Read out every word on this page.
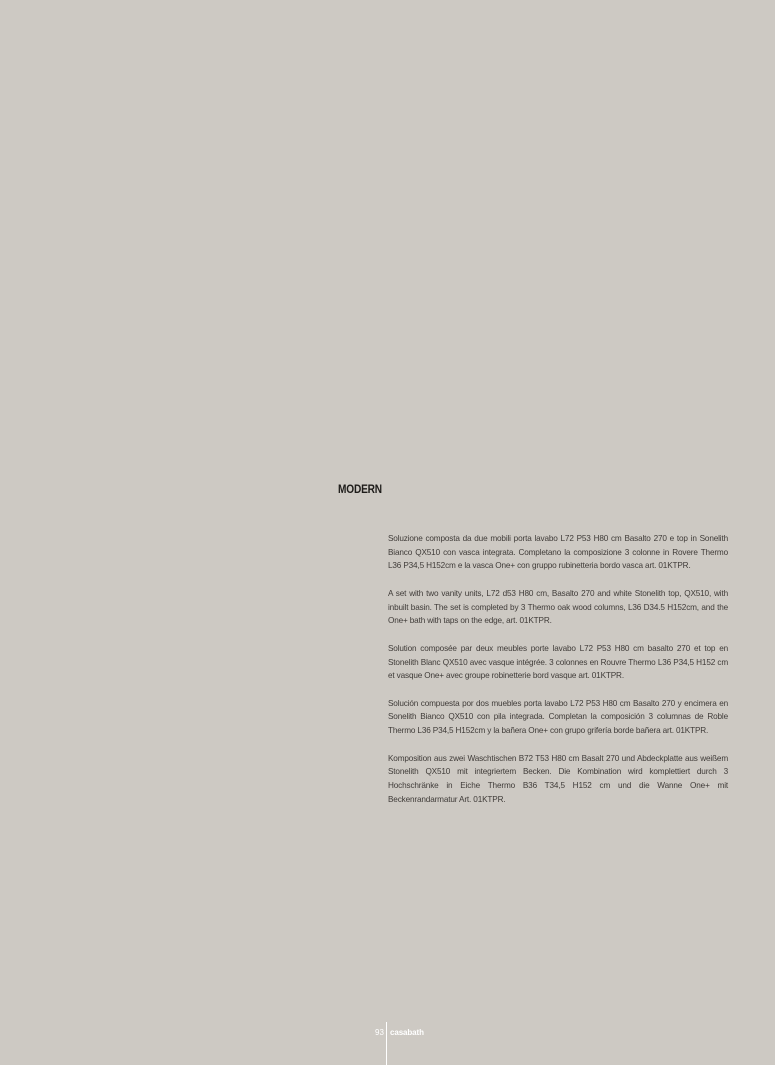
MODERN

Soluzione composta da due mobili porta lavabo L72 P53 H80 cm Basalto 270 e top in Sonelith Bianco QX510 con vasca integrata. Completano la composizione 3 colonne in Rovere Thermo L36 P34,5 H152cm e la vasca One+ con gruppo rubinetteria bordo vasca art. 01KTPR.

A set with two vanity units, L72 d53 H80 cm, Basalto 270 and white Stonelith top, QX510, with inbuilt basin. The set is completed by 3 Thermo oak wood columns, L36 D34.5 H152cm, and the One+ bath with taps on the edge, art. 01KTPR.

Solution composée par deux meubles porte lavabo L72 P53 H80 cm basalto 270 et top en Stonelith Blanc QX510 avec vasque intégrée. 3 colonnes en Rouvre Thermo L36 P34,5 H152 cm et vasque One+ avec groupe robinetterie bord vasque art. 01KTPR.

Solución compuesta por dos muebles porta lavabo L72 P53 H80 cm Basalto 270 y encimera en Sonelith Bianco QX510 con pila integrada. Completan la composición 3 columnas de Roble Thermo L36 P34,5 H152cm y la bañera One+ con grupo grifería borde bañera art. 01KTPR.

Komposition aus zwei Waschtischen B72 T53 H80 cm Basalt 270 und Abdeckplatte aus weißem Stonelith QX510 mit integriertem Becken. Die Kombination wird komplettiert durch 3 Hochschränke in Eiche Thermo B36 T34,5 H152 cm und die Wanne One+ mit Beckenrandarmatur Art. 01KTPR.

93 casabath
